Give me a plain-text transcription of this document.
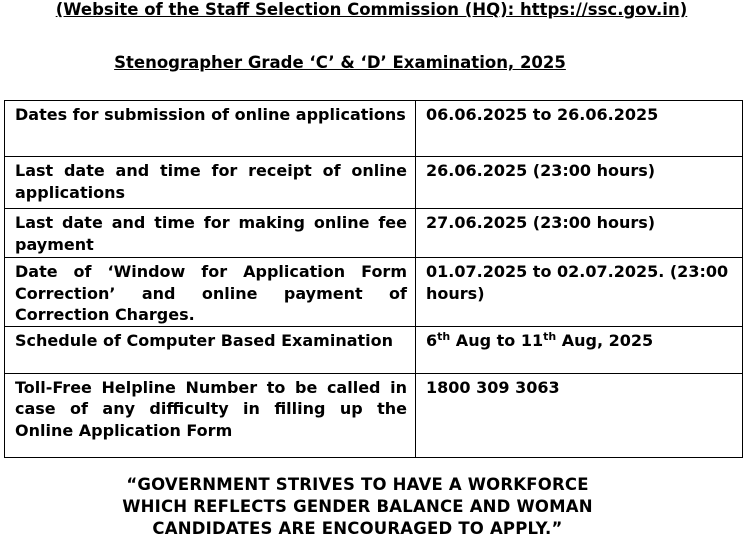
(Website of the Staff Selection Commission (HQ): https://ssc.gov.in)
Stenographer Grade ‘C’ & ‘D’ Examination, 2025
Dates for submission of online applications	06.06.2025 to 26.06.2025
Last date and time for receipt of online applications	26.06.2025 (23:00 hours)
Last date and time for making online fee payment	27.06.2025 (23:00 hours)
Date of ‘Window for Application Form Correction’ and online payment of Correction Charges.	01.07.2025 to 02.07.2025. (23:00 hours)
Schedule of Computer Based Examination	6th Aug to 11th Aug, 2025
Toll-Free Helpline Number to be called in case of any difficulty in filling up the Online Application Form	1800 309 3063
“GOVERNMENT STRIVES TO HAVE A WORKFORCE
WHICH REFLECTS GENDER BALANCE AND WOMAN
CANDIDATES ARE ENCOURAGED TO APPLY.”
